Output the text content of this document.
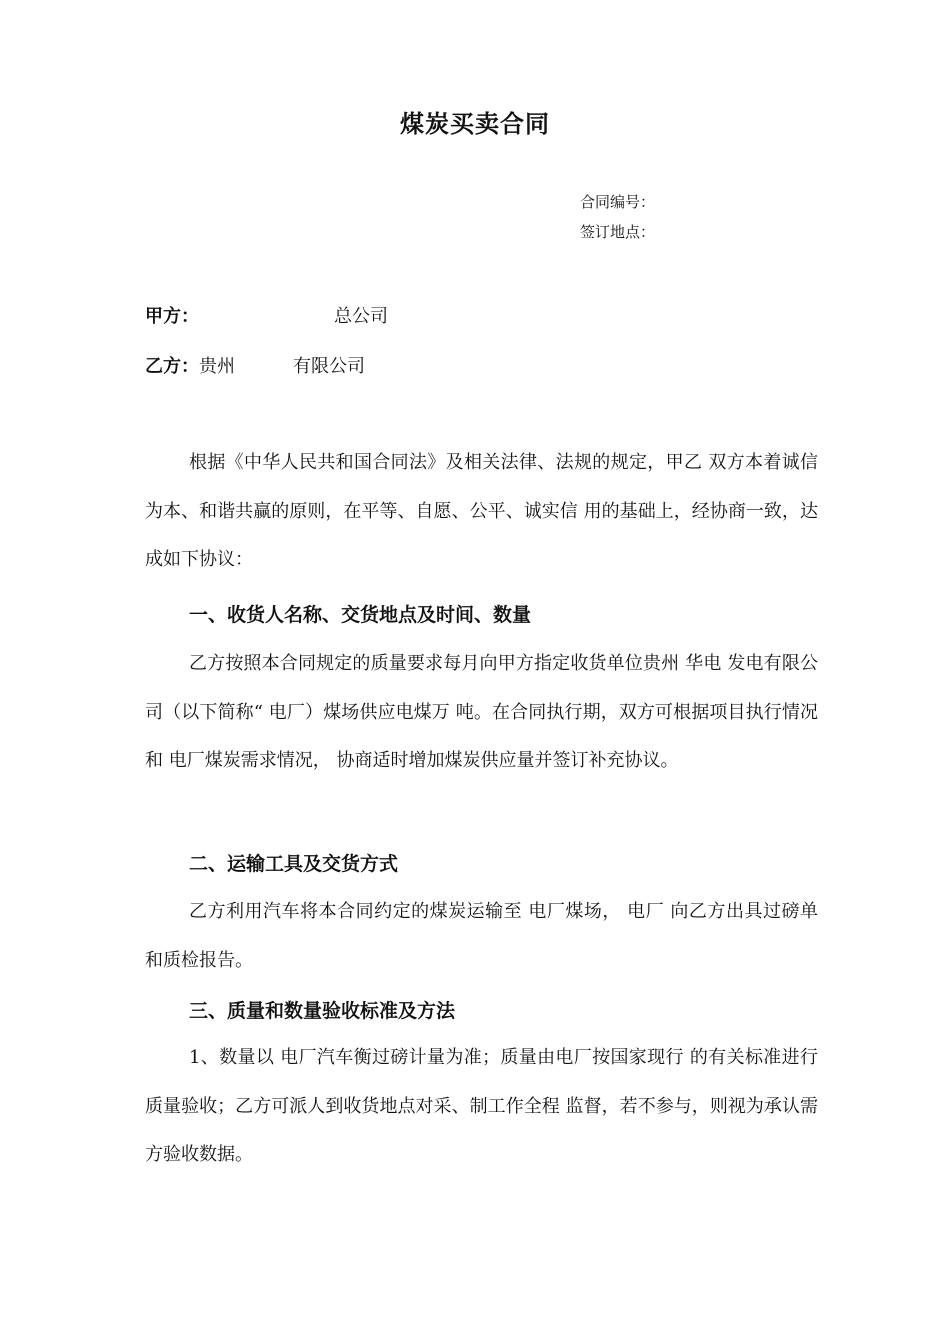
煤炭买卖合同
合同编号：
签订地点：
甲方：	总公司
乙方：贵州	有限公司
根据《中华人民共和国合同法》及相关法律、法规的规定，甲乙 双方本着诚信为本、和谐共赢的原则，在平等、自愿、公平、诚实信 用的基础上，经协商一致，达成如下协议：
一、收货人名称、交货地点及时间、数量
乙方按照本合同规定的质量要求每月向甲方指定收货单位贵州 华电 发电有限公司（以下简称“ 电厂）煤场供应电煤万 吨。在合同执行期，双方可根据项目执行情况和 电厂煤炭需求情况， 协商适时增加煤炭供应量并签订补充协议。
二、运输工具及交货方式
乙方利用汽车将本合同约定的煤炭运输至 电厂煤场， 电厂 向乙方出具过磅单和质检报告。
三、质量和数量验收标准及方法
1、数量以 电厂汽车衡过磅计量为准；质量由电厂按国家现行 的有关标准进行质量验收；乙方可派人到收货地点对采、制工作全程 监督，若不参与，则视为承认需方验收数据。
